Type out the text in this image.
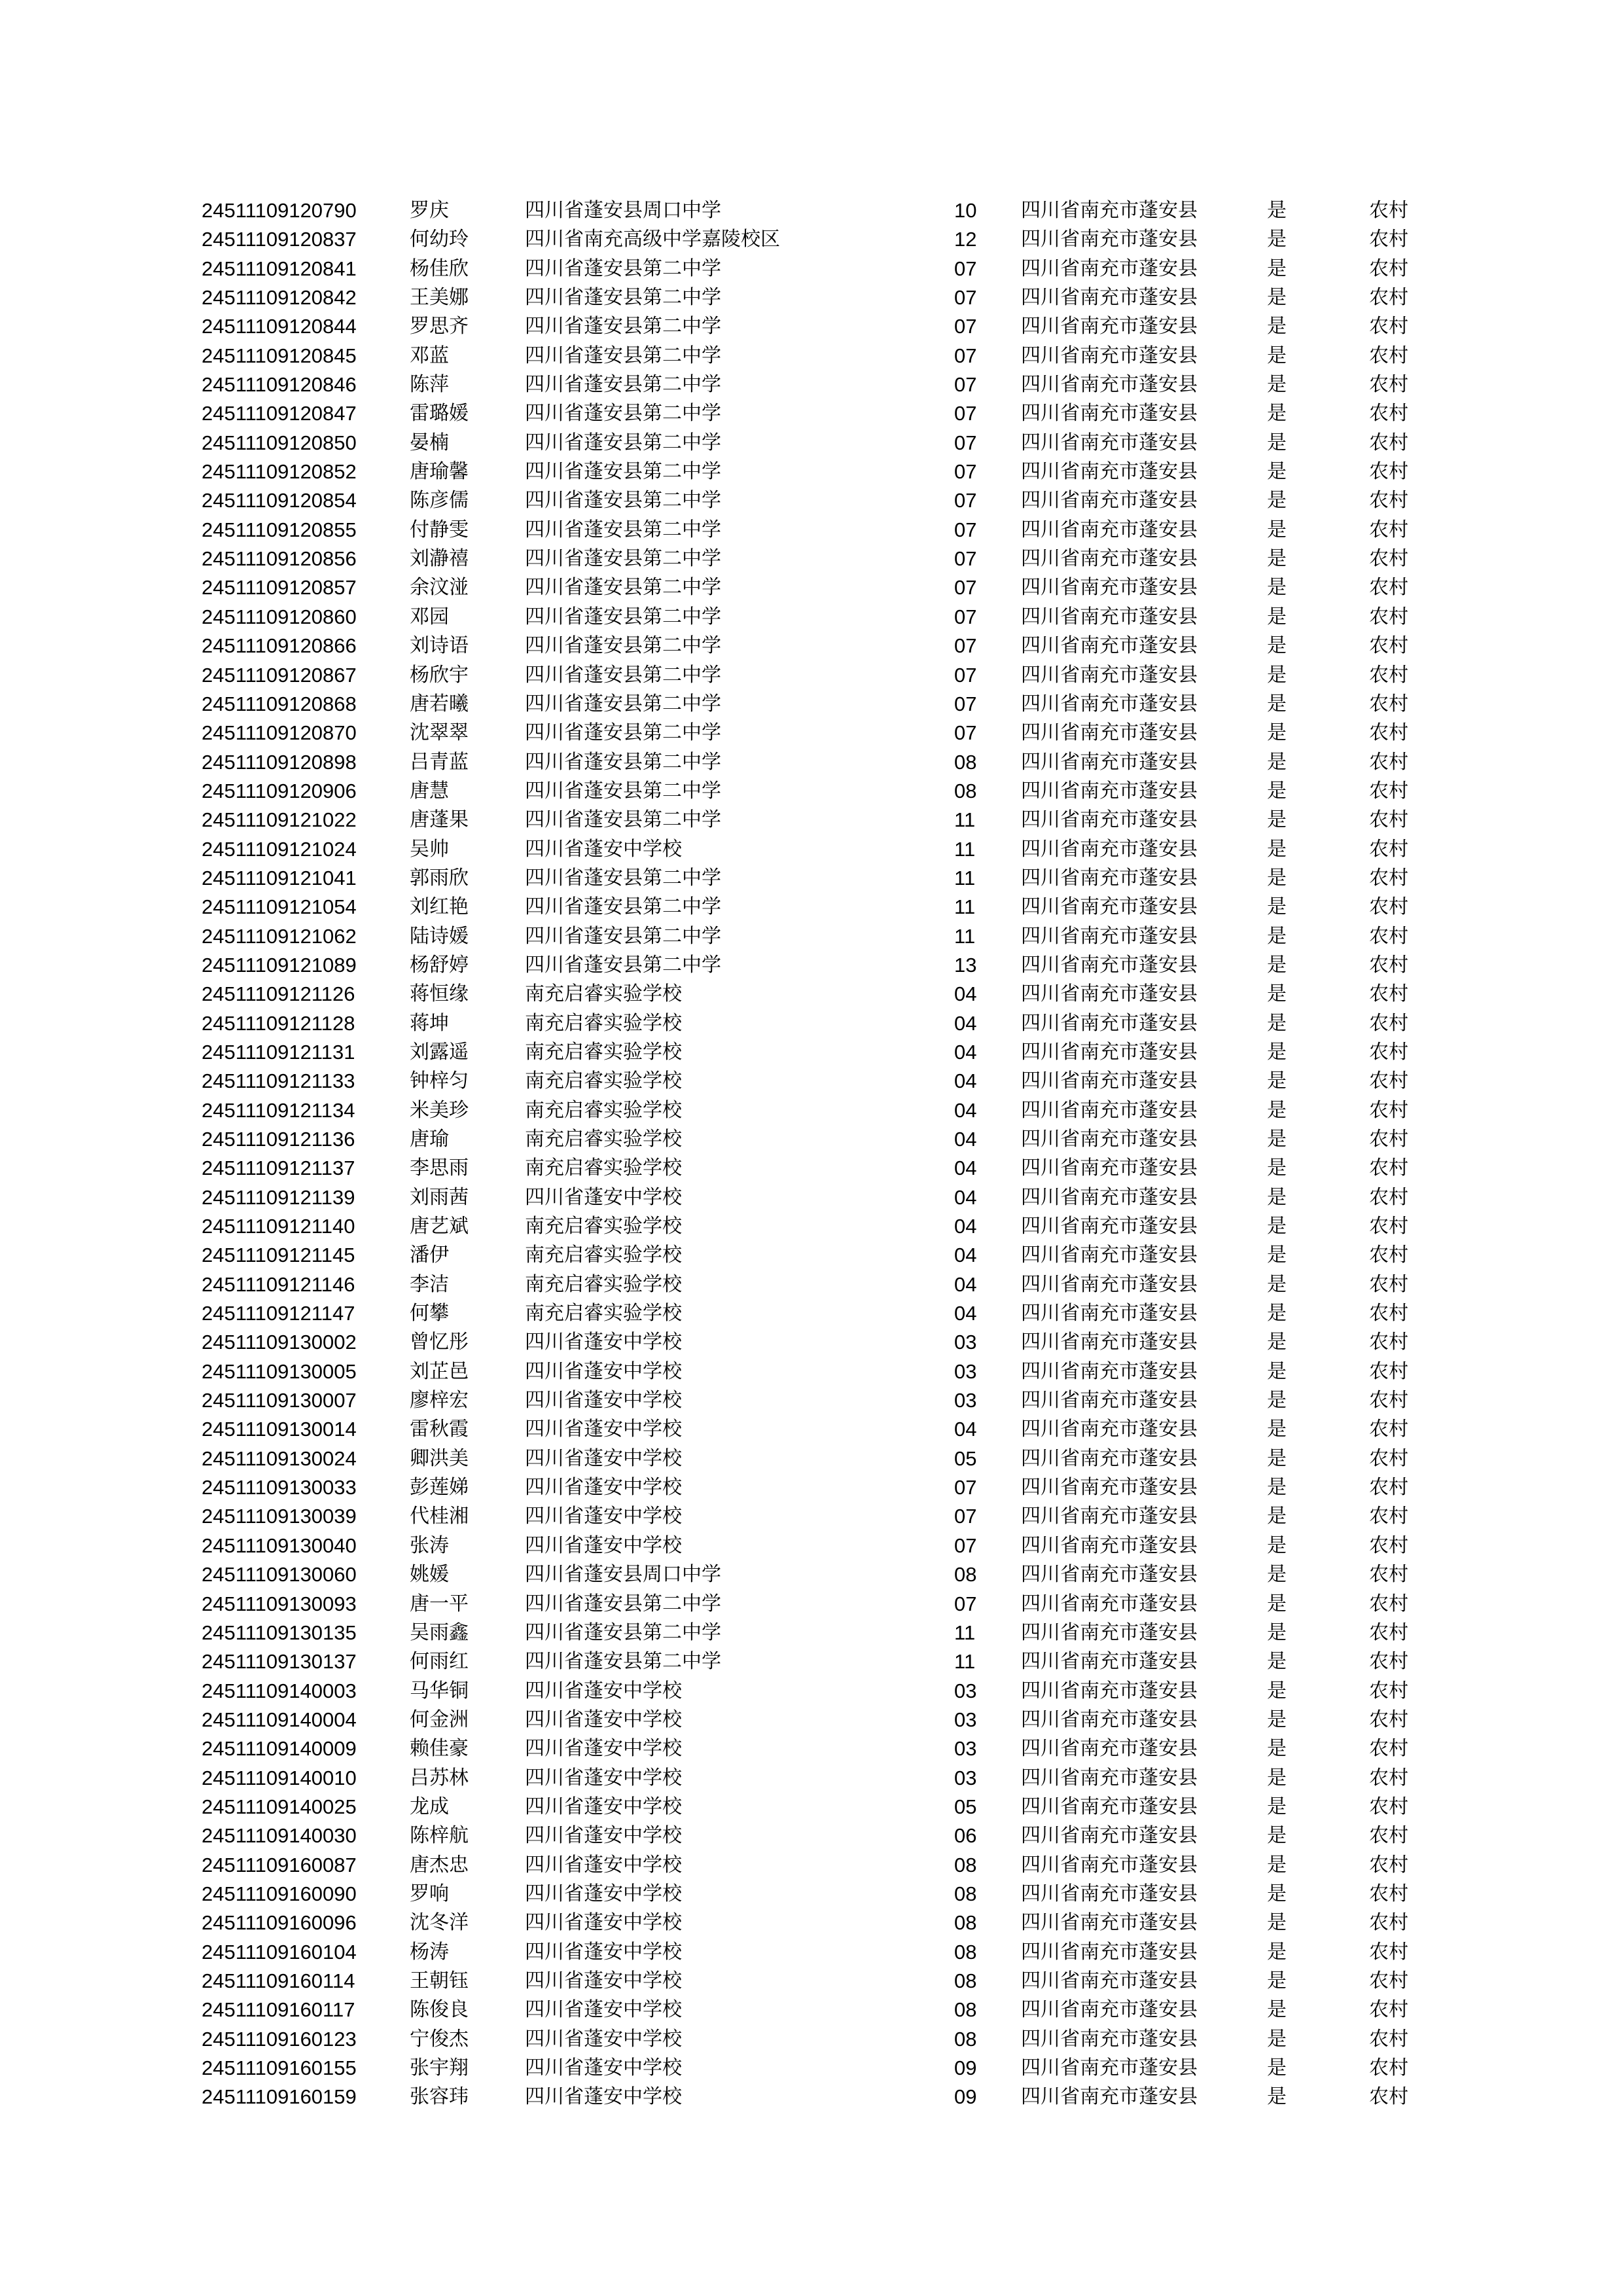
24511109120790	罗庆	四川省蓬安县周口中学	10 四川省南充市蓬安县	是	农村
24511109120837	何幼玲	四川省南充高级中学嘉陵校区	12 四川省南充市蓬安县	是	农村
24511109120841	杨佳欣	四川省蓬安县第二中学	07 四川省南充市蓬安县	是	农村
24511109120842	王美娜	四川省蓬安县第二中学	07 四川省南充市蓬安县	是	农村
24511109120844	罗思齐	四川省蓬安县第二中学	07 四川省南充市蓬安县	是	农村
24511109120845	邓蓝	四川省蓬安县第二中学	07 四川省南充市蓬安县	是	农村
24511109120846	陈萍	四川省蓬安县第二中学	07 四川省南充市蓬安县	是	农村
24511109120847	雷璐媛	四川省蓬安县第二中学	07 四川省南充市蓬安县	是	农村
24511109120850	晏楠	四川省蓬安县第二中学	07 四川省南充市蓬安县	是	农村
24511109120852	唐瑜馨	四川省蓬安县第二中学	07 四川省南充市蓬安县	是	农村
24511109120854	陈彦儒	四川省蓬安县第二中学	07 四川省南充市蓬安县	是	农村
24511109120855	付静雯	四川省蓬安县第二中学	07 四川省南充市蓬安县	是	农村
24511109120856	刘瀞禧	四川省蓬安县第二中学	07 四川省南充市蓬安县	是	农村
24511109120857	余汶湴	四川省蓬安县第二中学	07 四川省南充市蓬安县	是	农村
24511109120860	邓园	四川省蓬安县第二中学	07 四川省南充市蓬安县	是	农村
24511109120866	刘诗语	四川省蓬安县第二中学	07 四川省南充市蓬安县	是	农村
24511109120867	杨欣宇	四川省蓬安县第二中学	07 四川省南充市蓬安县	是	农村
24511109120868	唐若曦	四川省蓬安县第二中学	07 四川省南充市蓬安县	是	农村
24511109120870	沈翠翠	四川省蓬安县第二中学	07 四川省南充市蓬安县	是	农村
24511109120898	吕青蓝	四川省蓬安县第二中学	08 四川省南充市蓬安县	是	农村
24511109120906	唐慧	四川省蓬安县第二中学	08 四川省南充市蓬安县	是	农村
24511109121022	唐蓬果	四川省蓬安县第二中学	11 四川省南充市蓬安县	是	农村
24511109121024	吴帅	四川省蓬安中学校	11 四川省南充市蓬安县	是	农村
24511109121041	郭雨欣	四川省蓬安县第二中学	11 四川省南充市蓬安县	是	农村
24511109121054	刘红艳	四川省蓬安县第二中学	11 四川省南充市蓬安县	是	农村
24511109121062	陆诗媛	四川省蓬安县第二中学	11 四川省南充市蓬安县	是	农村
24511109121089	杨舒婷	四川省蓬安县第二中学	13 四川省南充市蓬安县	是	农村
24511109121126	蒋恒缘	南充启睿实验学校	04 四川省南充市蓬安县	是	农村
24511109121128	蒋坤	南充启睿实验学校	04 四川省南充市蓬安县	是	农村
24511109121131	刘露遥	南充启睿实验学校	04 四川省南充市蓬安县	是	农村
24511109121133	钟梓匀	南充启睿实验学校	04 四川省南充市蓬安县	是	农村
24511109121134	米美珍	南充启睿实验学校	04 四川省南充市蓬安县	是	农村
24511109121136	唐瑜	南充启睿实验学校	04 四川省南充市蓬安县	是	农村
24511109121137	李思雨	南充启睿实验学校	04 四川省南充市蓬安县	是	农村
24511109121139	刘雨茜	四川省蓬安中学校	04 四川省南充市蓬安县	是	农村
24511109121140	唐艺斌	南充启睿实验学校	04 四川省南充市蓬安县	是	农村
24511109121145	潘伊	南充启睿实验学校	04 四川省南充市蓬安县	是	农村
24511109121146	李洁	南充启睿实验学校	04 四川省南充市蓬安县	是	农村
24511109121147	何攀	南充启睿实验学校	04 四川省南充市蓬安县	是	农村
24511109130002	曾忆彤	四川省蓬安中学校	03 四川省南充市蓬安县	是	农村
24511109130005	刘芷邑	四川省蓬安中学校	03 四川省南充市蓬安县	是	农村
24511109130007	廖梓宏	四川省蓬安中学校	03 四川省南充市蓬安县	是	农村
24511109130014	雷秋霞	四川省蓬安中学校	04 四川省南充市蓬安县	是	农村
24511109130024	卿洪美	四川省蓬安中学校	05 四川省南充市蓬安县	是	农村
24511109130033	彭莲娣	四川省蓬安中学校	07 四川省南充市蓬安县	是	农村
24511109130039	代桂湘	四川省蓬安中学校	07 四川省南充市蓬安县	是	农村
24511109130040	张涛	四川省蓬安中学校	07 四川省南充市蓬安县	是	农村
24511109130060	姚媛	四川省蓬安县周口中学	08 四川省南充市蓬安县	是	农村
24511109130093	唐一平	四川省蓬安县第二中学	07 四川省南充市蓬安县	是	农村
24511109130135	吴雨鑫	四川省蓬安县第二中学	11 四川省南充市蓬安县	是	农村
24511109130137	何雨红	四川省蓬安县第二中学	11 四川省南充市蓬安县	是	农村
24511109140003	马华铜	四川省蓬安中学校	03 四川省南充市蓬安县	是	农村
24511109140004	何金洲	四川省蓬安中学校	03 四川省南充市蓬安县	是	农村
24511109140009	赖佳豪	四川省蓬安中学校	03 四川省南充市蓬安县	是	农村
24511109140010	吕苏林	四川省蓬安中学校	03 四川省南充市蓬安县	是	农村
24511109140025	龙成	四川省蓬安中学校	05 四川省南充市蓬安县	是	农村
24511109140030	陈梓航	四川省蓬安中学校	06 四川省南充市蓬安县	是	农村
24511109160087	唐杰忠	四川省蓬安中学校	08 四川省南充市蓬安县	是	农村
24511109160090	罗响	四川省蓬安中学校	08 四川省南充市蓬安县	是	农村
24511109160096	沈冬洋	四川省蓬安中学校	08 四川省南充市蓬安县	是	农村
24511109160104	杨涛	四川省蓬安中学校	08 四川省南充市蓬安县	是	农村
24511109160114	王朝钰	四川省蓬安中学校	08 四川省南充市蓬安县	是	农村
24511109160117	陈俊良	四川省蓬安中学校	08 四川省南充市蓬安县	是	农村
24511109160123	宁俊杰	四川省蓬安中学校	08 四川省南充市蓬安县	是	农村
24511109160155	张宇翔	四川省蓬安中学校	09 四川省南充市蓬安县	是	农村
24511109160159	张容玮	四川省蓬安中学校	09 四川省南充市蓬安县	是	农村
